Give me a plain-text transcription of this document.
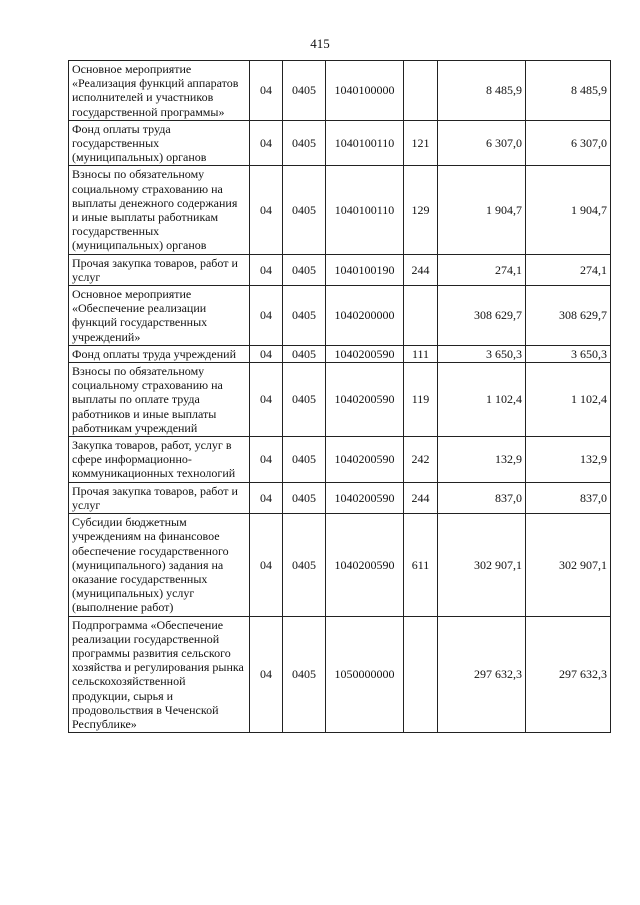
415
Основное мероприятие «Реализация функций аппаратов исполнителей и участников государственной программы»	04	0405	1040100000		8 485,9	8 485,9
Фонд оплаты труда государственных (муниципальных) органов	04	0405	1040100110	121	6 307,0	6 307,0
Взносы по обязательному социальному страхованию на выплаты денежного содержания и иные выплаты работникам государственных (муниципальных) органов	04	0405	1040100110	129	1 904,7	1 904,7
Прочая закупка товаров, работ и услуг	04	0405	1040100190	244	274,1	274,1
Основное мероприятие «Обеспечение реализации функций государственных учреждений»	04	0405	1040200000		308 629,7	308 629,7
Фонд оплаты труда учреждений	04	0405	1040200590	111	3 650,3	3 650,3
Взносы по обязательному социальному страхованию на выплаты по оплате труда работников и иные выплаты работникам учреждений	04	0405	1040200590	119	1 102,4	1 102,4
Закупка товаров, работ, услуг в сфере информационно-коммуникационных технологий	04	0405	1040200590	242	132,9	132,9
Прочая закупка товаров, работ и услуг	04	0405	1040200590	244	837,0	837,0
Субсидии бюджетным учреждениям на финансовое обеспечение государственного (муниципального) задания на оказание государственных (муниципальных) услуг (выполнение работ)	04	0405	1040200590	611	302 907,1	302 907,1
Подпрограмма «Обеспечение реализации государственной программы развития сельского хозяйства и регулирования рынка сельскохозяйственной продукции, сырья и продовольствия в Чеченской Республике»	04	0405	1050000000		297 632,3	297 632,3
